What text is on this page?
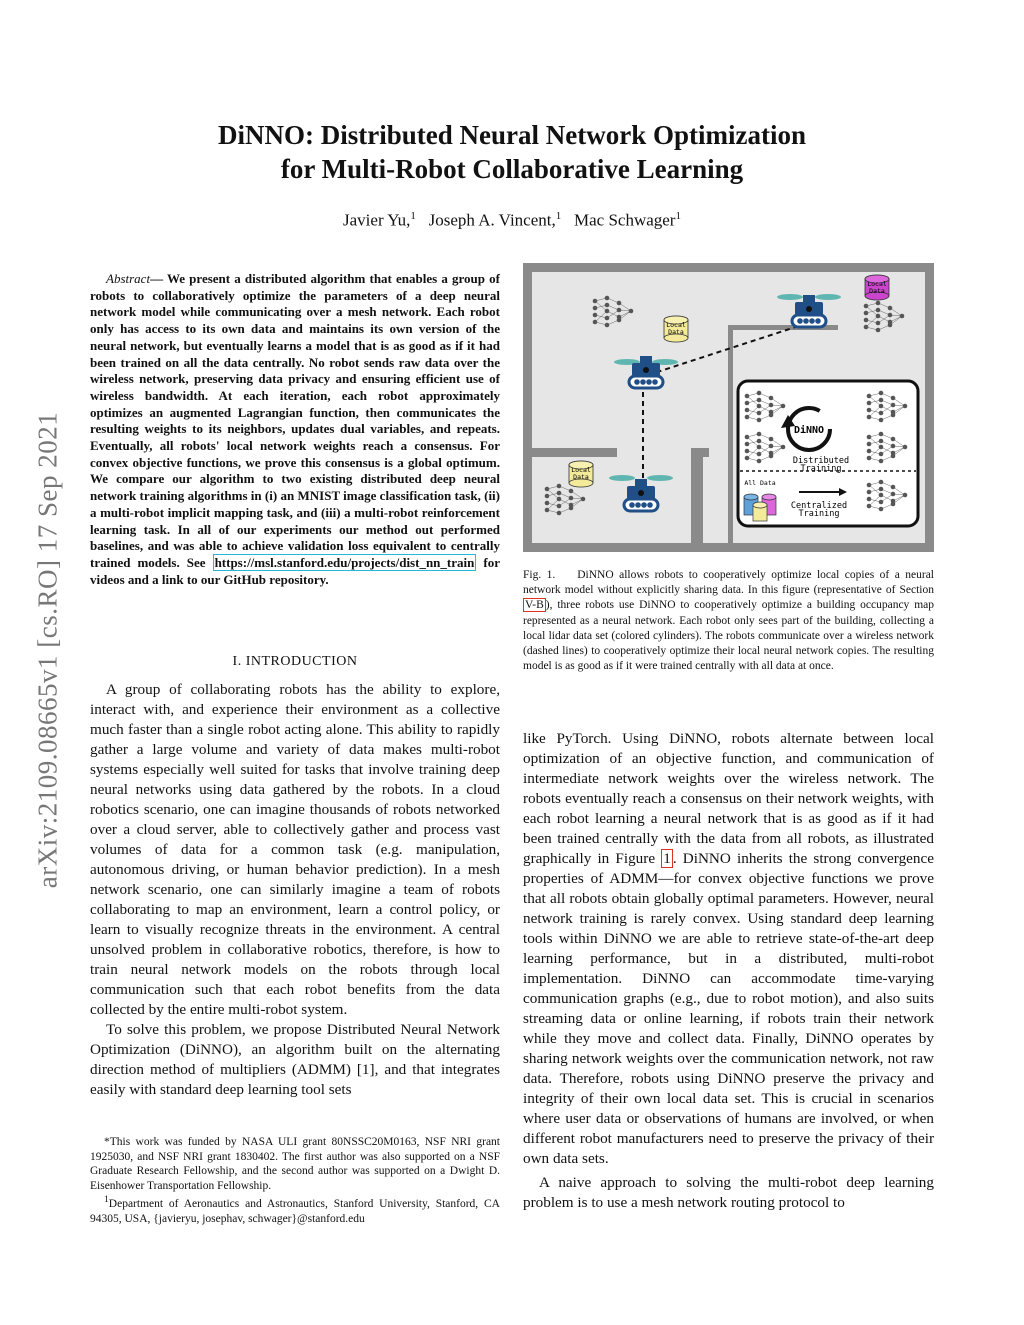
arXiv:2109.08665v1 [cs.RO] 17 Sep 2021
DiNNO: Distributed Neural Network Optimization
for Multi-Robot Collaborative Learning
Javier Yu,$^1$ Joseph A. Vincent,$^1$ Mac Schwager$^1$
Abstract— We present a distributed algorithm that enables a group of robots to collaboratively optimize the parameters of a deep neural network model while communicating over a mesh network. Each robot only has access to its own data and maintains its own version of the neural network, but eventually learns a model that is as good as if it had been trained on all the data centrally. No robot sends raw data over the wireless network, preserving data privacy and ensuring efficient use of wireless bandwidth. At each iteration, each robot approximately optimizes an augmented Lagrangian function, then communicates the resulting weights to its neighbors, updates dual variables, and repeats. Eventually, all robots' local network weights reach a consensus. For convex objective functions, we prove this consensus is a global optimum. We compare our algorithm to two existing distributed deep neural network training algorithms in (i) an MNIST image classification task, (ii) a multi-robot implicit mapping task, and (iii) a multi-robot reinforcement learning task. In all of our experiments our method out performed baselines, and was able to achieve validation loss equivalent to centrally trained models. See https://msl.stanford.edu/projects/dist_nn_train for videos and a link to our GitHub repository.
I. INTRODUCTION

A group of collaborating robots has the ability to explore, interact with, and experience their environment as a collective much faster than a single robot acting alone. This ability to rapidly gather a large volume and variety of data makes multi-robot systems especially well suited for tasks that involve training deep neural networks using data gathered by the robots. In a cloud robotics scenario, one can imagine thousands of robots networked over a cloud server, able to collectively gather and process vast volumes of data for a common task (e.g. manipulation, autonomous driving, or human behavior prediction). In a mesh network scenario, one can similarly imagine a team of robots collaborating to map an environment, learn a control policy, or learn to visually recognize threats in the environment. A central unsolved problem in collaborative robotics, therefore, is how to train neural network models on the robots through local communication such that each robot benefits from the data collected by the entire multi-robot system.

To solve this problem, we propose Distributed Neural Network Optimization (DiNNO), an algorithm built on the alternating direction method of multipliers (ADMM) [1], and that integrates easily with standard deep learning tool sets

*This work was funded by NASA ULI grant 80NSSC20M0163, NSF NRI grant 1925030, and NSF NRI grant 1830402. The first author was also supported on a NSF Graduate Research Fellowship, and the second author was supported on a Dwight D. Eisenhower Transportation Fellowship.

$^1$Department of Aeronautics and Astronautics, Stanford University, Stanford, CA 94305, USA, {javieryu, josephav, schwager}@stanford.edu

Local Data
Local Data
Local Data
DiNNO
Distributed Training
All Data
Centralized Training
Fig. 1. DiNNO allows robots to cooperatively optimize local copies of a neural network model without explicitly sharing data. In this figure (representative of Section V-B ), three robots use DiNNO to cooperatively optimize a building occupancy map represented as a neural network. Each robot only sees part of the building, collecting a local lidar data set (colored cylinders). The robots communicate over a wireless network (dashed lines) to cooperatively optimize their local neural network copies. The resulting model is as good as if it were trained centrally with all data at once.

like PyTorch. Using DiNNO, robots alternate between local optimization of an objective function, and communication of intermediate network weights over the wireless network. The robots eventually reach a consensus on their network weights, with each robot learning a neural network that is as good as if it had been trained centrally with the data from all robots, as illustrated graphically in Figure 1 . DiNNO inherits the strong convergence properties of ADMM—for convex objective functions we prove that all robots obtain globally optimal parameters. However, neural network training is rarely convex. Using standard deep learning tools within DiNNO we are able to retrieve state-of-the-art deep learning performance, but in a distributed, multi-robot implementation. DiNNO can accommodate time-varying communication graphs (e.g., due to robot motion), and also suits streaming data or online learning, if robots train their network while they move and collect data. Finally, DiNNO operates by sharing network weights over the communication network, not raw data. Therefore, robots using DiNNO preserve the privacy and integrity of their own local data set. This is crucial in scenarios where user data or observations of humans are involved, or when different robot manufacturers need to preserve the privacy of their own data sets.

A naive approach to solving the multi-robot deep learning problem is to use a mesh network routing protocol to
